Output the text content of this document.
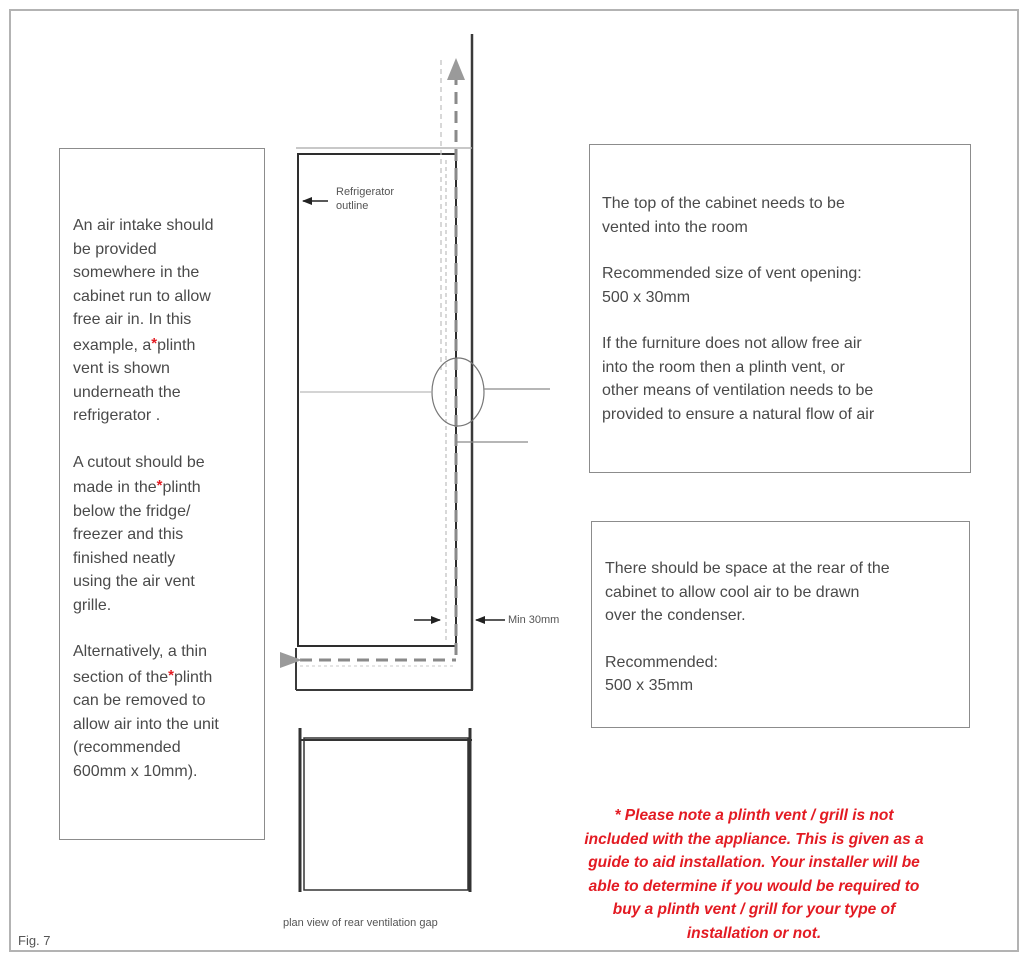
Refrigerator
outline
Min 30mm
plan view of rear ventilation gap

An air intake should
be provided
somewhere in the
cabinet run to allow
free air in. In this
example, a*plinth
vent is shown
underneath the
refrigerator .

A cutout should be
made in the*plinth
below the fridge/
freezer and this
finished neatly
using the air vent
grille.

Alternatively, a thin
section of the*plinth
can be removed to
allow air into the unit
(recommended
600mm x 10mm).

The top of the cabinet needs to be
vented into the room

Recommended size of vent opening:
500 x 30mm

If the furniture does not allow free air
into the room then a plinth vent, or
other means of ventilation needs to be
provided to ensure a natural flow of air

There should be space at the rear of the
cabinet to allow cool air to be drawn
over the condenser.

Recommended:
500 x 35mm

* Please note a plinth vent / grill is not

included with the appliance. This is given as a

guide to aid installation. Your installer will be

able to determine if you would be required to

buy a plinth vent / grill for your type of

installation or not.

Fig. 7
